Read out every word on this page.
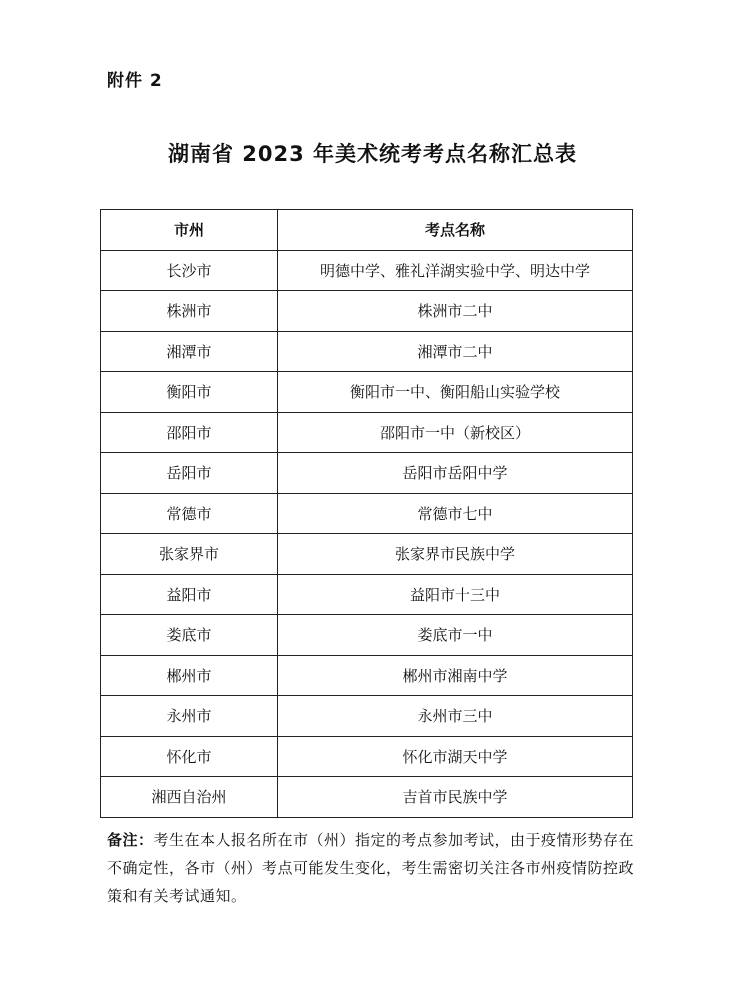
附件 2
湖南省 2023 年美术统考考点名称汇总表
市州	考点名称
长沙市	明德中学、雅礼洋湖实验中学、明达中学
株洲市	株洲市二中
湘潭市	湘潭市二中
衡阳市	衡阳市一中、衡阳船山实验学校
邵阳市	邵阳市一中（新校区）
岳阳市	岳阳市岳阳中学
常德市	常德市七中
张家界市	张家界市民族中学
益阳市	益阳市十三中
娄底市	娄底市一中
郴州市	郴州市湘南中学
永州市	永州市三中
怀化市	怀化市湖天中学
湘西自治州	吉首市民族中学
备注：考生在本人报名所在市（州）指定的考点参加考试，由于疫情形势存在不确定性，各市（州）考点可能发生变化，考生需密切关注各市州疫情防控政策和有关考试通知。
